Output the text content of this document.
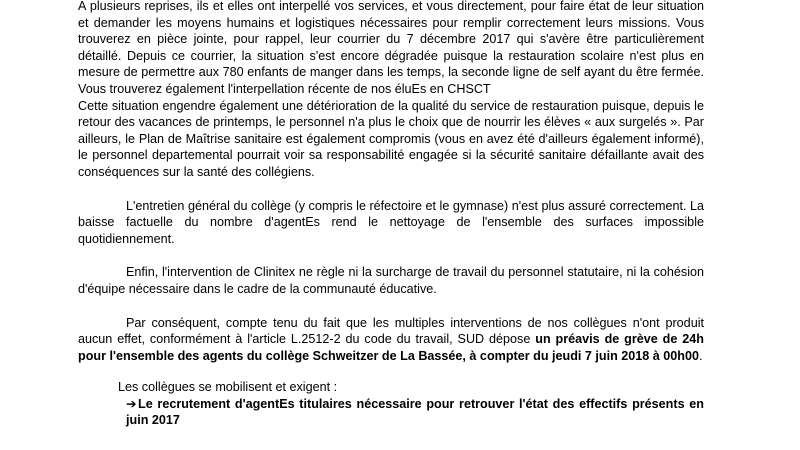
A plusieurs reprises, ils et elles ont interpellé vos services, et vous directement, pour faire état de leur situation et demander les moyens humains et logistiques nécessaires pour remplir correctement leurs missions. Vous trouverez en pièce jointe, pour rappel, leur courrier du 7 décembre 2017 qui s'avère être particulièrement détaillé. Depuis ce courrier, la situation s'est encore dégradée puisque la restauration scolaire n'est plus en mesure de permettre aux 780 enfants de manger dans les temps, la seconde ligne de self ayant du être fermée. Vous trouverez également l'interpellation récente de nos éluEs en CHSCT

Cette situation engendre également une détérioration de la qualité du service de restauration puisque, depuis le retour des vacances de printemps, le personnel n'a plus le choix que de nourrir les élèves « aux surgelés ». Par ailleurs, le Plan de Maîtrise sanitaire est également compromis (vous en avez été d'ailleurs également informé), le personnel departemental pourrait voir sa responsabilité engagée si la sécurité sanitaire défaillante avait des conséquences sur la santé des collégiens.

L'entretien général du collège (y compris le réfectoire et le gymnase) n'est plus assuré correctement. La baisse factuelle du nombre d'agentEs rend le nettoyage de l'ensemble des surfaces impossible quotidiennement.

Enfin, l'intervention de Clinitex ne règle ni la surcharge de travail du personnel statutaire, ni la cohésion d'équipe nécessaire dans le cadre de la communauté éducative.

Par conséquent, compte tenu du fait que les multiples interventions de nos collègues n'ont produit aucun effet, conformément à l'article L.2512-2 du code du travail, SUD dépose un préavis de grève de 24h pour l'ensemble des agents du collège Schweitzer de La Bassée, à compter du jeudi 7 juin 2018 à 00h00.

Les collègues se mobilisent et exigent :

➔Le recrutement d'agentEs titulaires nécessaire pour retrouver l'état des effectifs présents en juin 2017
